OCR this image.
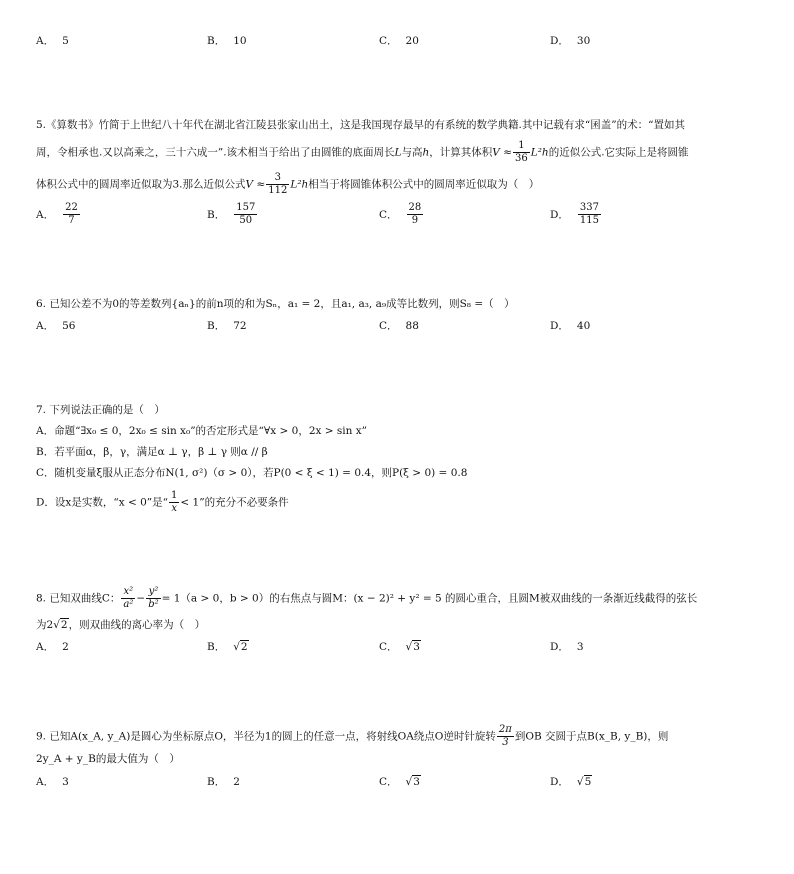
A． 5	B． 10	C． 20	D． 30
5.《算数书》竹简于上世纪八十年代在湖北省江陵县张家山出土，这是我国现存最早的有系统的数学典籍.其中记载有求“囷盖”的术：“置如其
周，令相承也.又以高乘之，三十六成一”.该术相当于给出了由圆锥的底面周长L与高h，计算其体积$V \approx \frac{1}{36} L^2h$的近似公式.它实际上是将圆锥
体积公式中的圆周率近似取为3.那么近似公式$V \approx \frac{3}{112} L^2h$相当于将圆锥体积公式中的圆周率近似取为（　）
A． $\frac{22}{7}$	B． $\frac{157}{50}$	C． $\frac{28}{9}$	D． $\frac{337}{115}$
6. 已知公差不为0的等差数列{aₙ}的前n项的和为Sₙ，a₁ = 2，且a₁, a₃, a₉成等比数列，则S₈ =（　）
A． 56	B． 72	C． 88	D． 40
7. 下列说法正确的是（　）
A．命题“∃x₀ ≤ 0，2x₀ ≤ sin x₀”的否定形式是“∀x > 0，2x > sin x”
B．若平面α，β，γ，满足α ⊥ γ，β ⊥ γ 则α // β
C．随机变量ξ服从正态分布N(1, σ²)（σ > 0），若P(0 < ξ < 1) = 0.4，则P(ξ > 0) = 0.8
D．设x是实数，“x < 0”是“ $\frac{1}{x} < 1$”的充分不必要条件
8. 已知双曲线C： $\frac{\text{x²}}{\text{a²}} - \frac{\text{y²}}{\text{b²}} = 1(a > 0$，b > 0）的右焦点与圆M：(x − 2)² + y² = 5 的圆心重合，且圆M被双曲线的一条渐近线截得的弦长
为2√2，则双曲线的离心率为（　）
A． 2	B． √2	C． √3	D． 3
9. 已知A(x_A, y_A)是圆心为坐标原点O，半径为1的圆上的任意一点，将射线OA绕点O逆时针旋转 $\frac{2\pi}{3}$ 到OB 交圆于点B(x_B, y_B)，则
2y_A + y_B的最大值为（　）
A． 3	B． 2	C． √3	D． √5
